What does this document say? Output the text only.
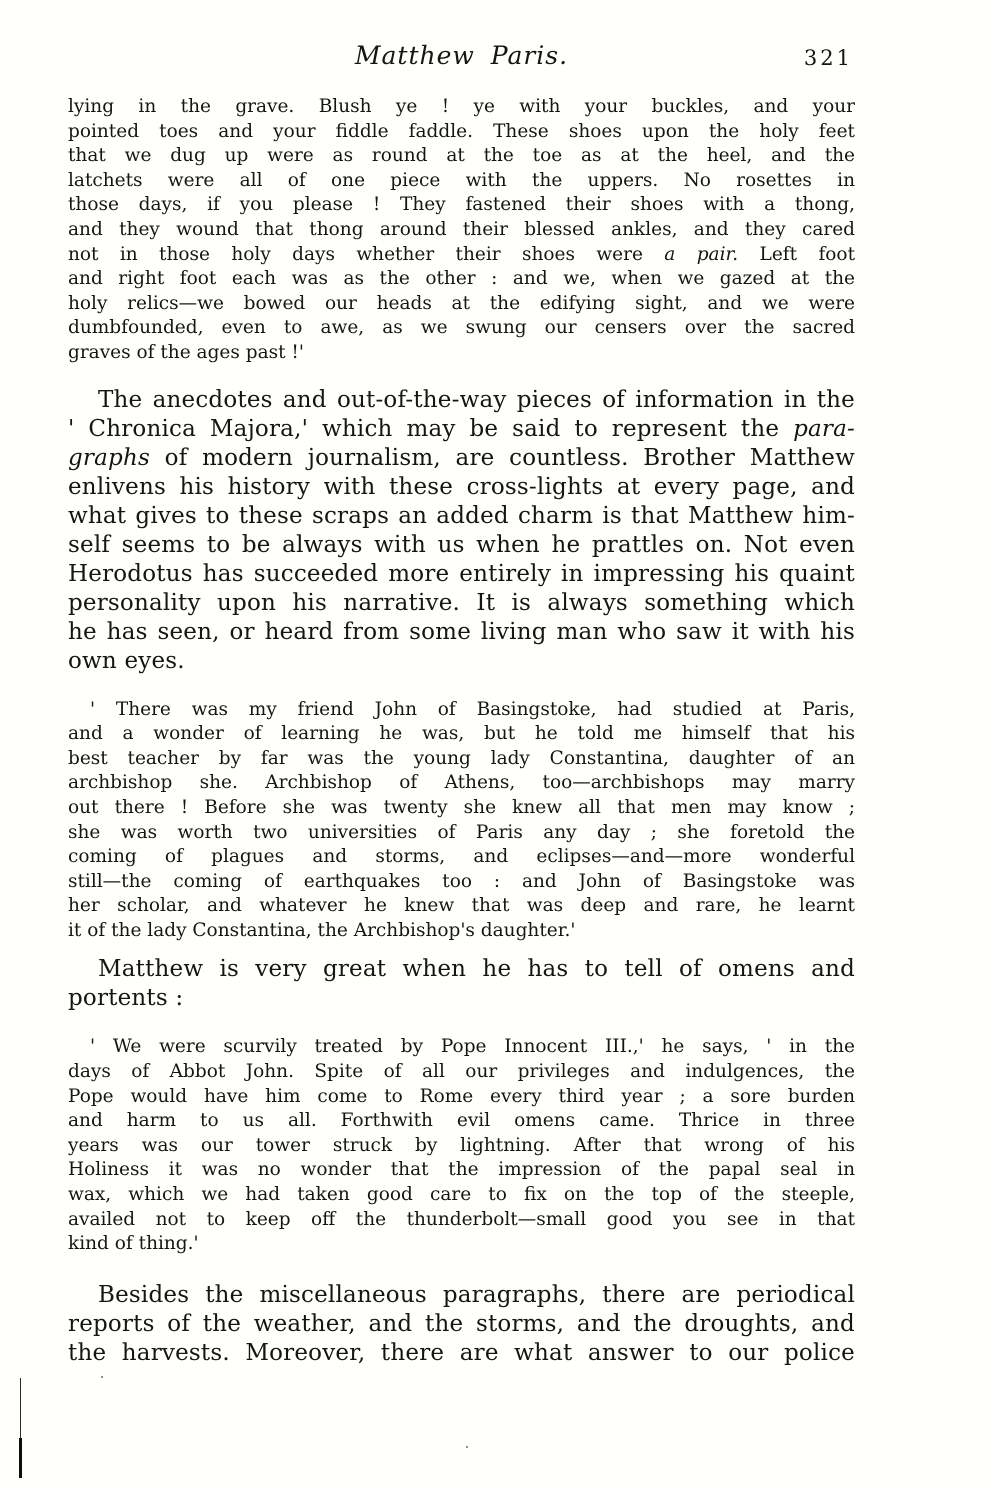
Matthew Paris.	321
lying in the grave. Blush ye ! ye with your buckles, and your
pointed toes and your fiddle faddle. These shoes upon the holy feet
that we dug up were as round at the toe as at the heel, and the
latchets were all of one piece with the uppers. No rosettes in
those days, if you please ! They fastened their shoes with a thong,
and they wound that thong around their blessed ankles, and they cared
not in those holy days whether their shoes were a pair. Left foot
and right foot each was as the other : and we, when we gazed at the
holy relics—we bowed our heads at the edifying sight, and we were
dumbfounded, even to awe, as we swung our censers over the sacred
graves of the ages past !'
The anecdotes and out-of-the-way pieces of information in the
' Chronica Majora,' which may be said to represent the para-
graphs of modern journalism, are countless. Brother Matthew
enlivens his history with these cross-lights at every page, and
what gives to these scraps an added charm is that Matthew him-
self seems to be always with us when he prattles on. Not even
Herodotus has succeeded more entirely in impressing his quaint
personality upon his narrative. It is always something which
he has seen, or heard from some living man who saw it with his
own eyes.
' There was my friend John of Basingstoke, had studied at Paris,
and a wonder of learning he was, but he told me himself that his
best teacher by far was the young lady Constantina, daughter of an
archbishop she. Archbishop of Athens, too—archbishops may marry
out there ! Before she was twenty she knew all that men may know ;
she was worth two universities of Paris any day ; she foretold the
coming of plagues and storms, and eclipses—and—more wonderful
still—the coming of earthquakes too : and John of Basingstoke was
her scholar, and whatever he knew that was deep and rare, he learnt
it of the lady Constantina, the Archbishop's daughter.'
Matthew is very great when he has to tell of omens and
portents :
' We were scurvily treated by Pope Innocent III.,' he says, ' in the
days of Abbot John. Spite of all our privileges and indulgences, the
Pope would have him come to Rome every third year ; a sore burden
and harm to us all. Forthwith evil omens came. Thrice in three
years was our tower struck by lightning. After that wrong of his
Holiness it was no wonder that the impression of the papal seal in
wax, which we had taken good care to fix on the top of the steeple,
availed not to keep off the thunderbolt—small good you see in that
kind of thing.'
Besides the miscellaneous paragraphs, there are periodical
reports of the weather, and the storms, and the droughts, and
the harvests. Moreover, there are what answer to our police
